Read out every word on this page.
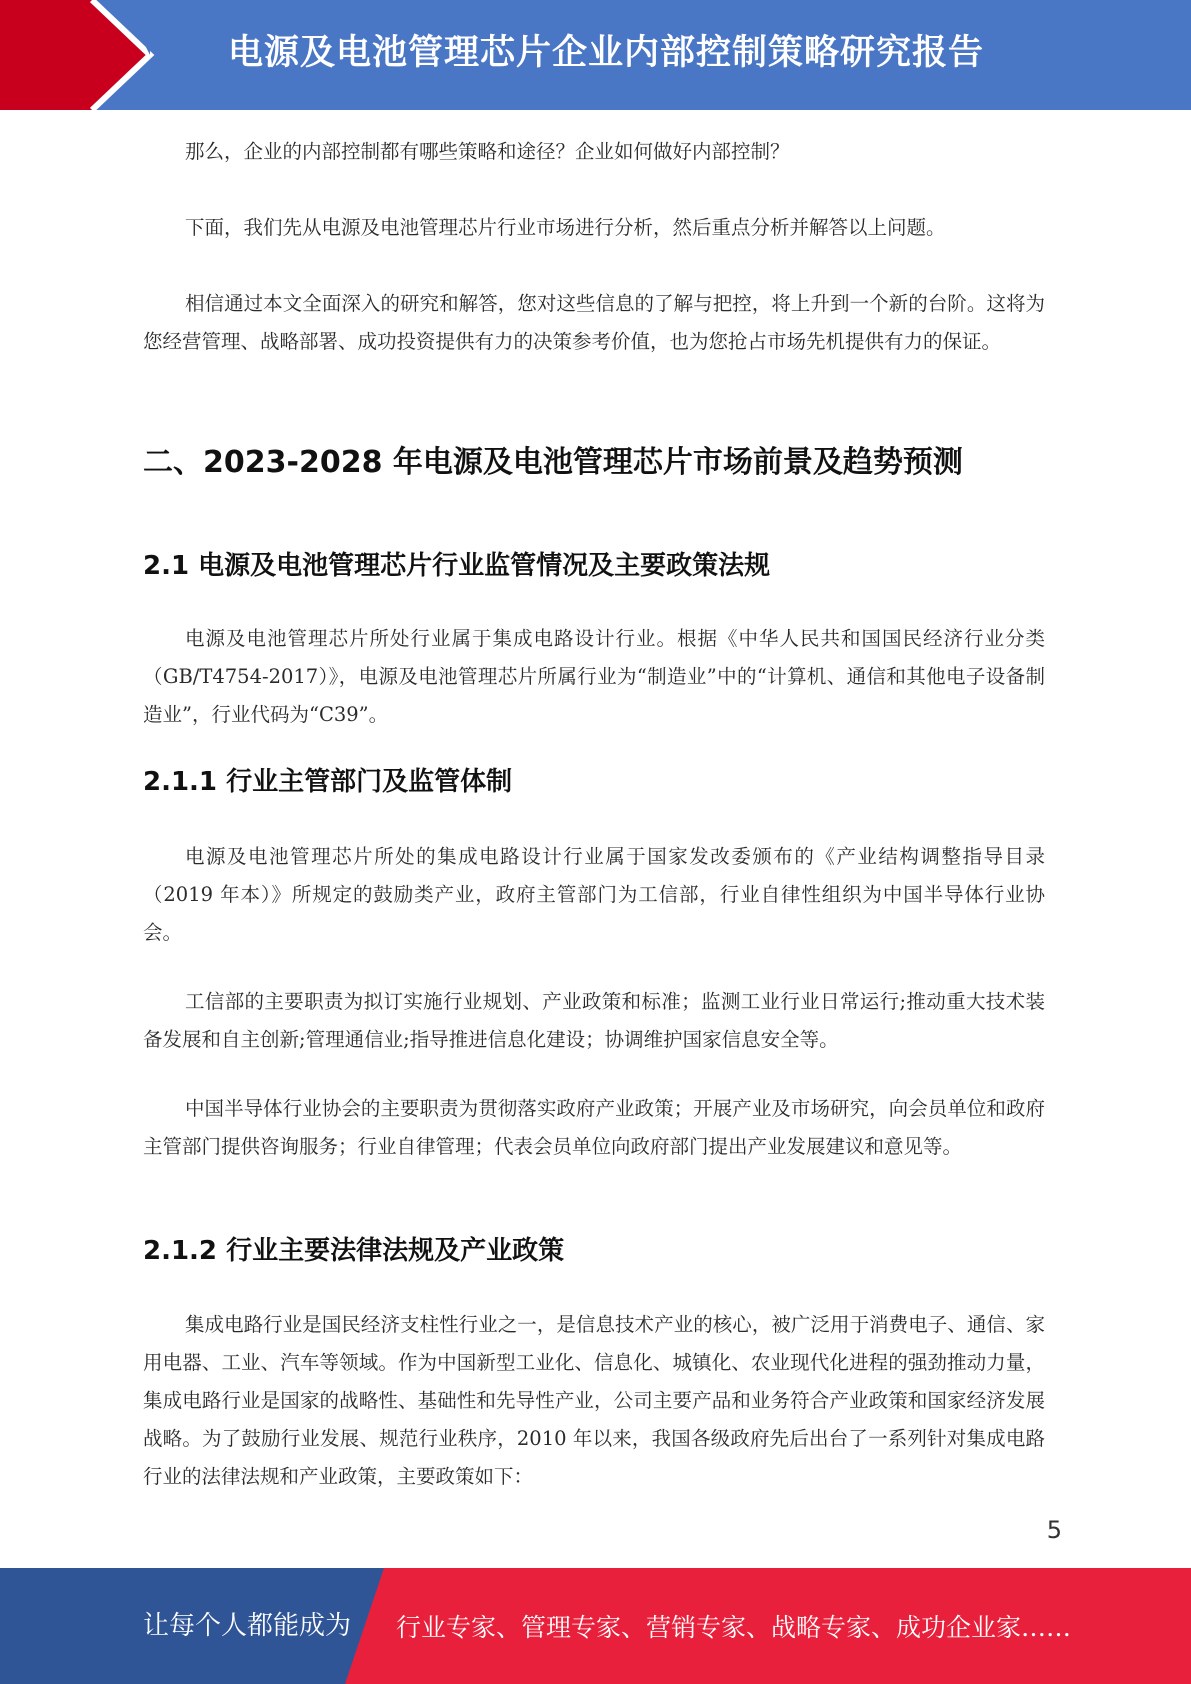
电源及电池管理芯片企业内部控制策略研究报告

那么，企业的内部控制都有哪些策略和途径？企业如何做好内部控制？

下面，我们先从电源及电池管理芯片行业市场进行分析，然后重点分析并解答以上问题。

相信通过本文全面深入的研究和解答，您对这些信息的了解与把控，将上升到一个新的台阶。这将为您经营管理、战略部署、成功投资提供有力的决策参考价值，也为您抢占市场先机提供有力的保证。

二、2023-2028 年电源及电池管理芯片市场前景及趋势预测
2.1 电源及电池管理芯片行业监管情况及主要政策法规

电源及电池管理芯片所处行业属于集成电路设计行业。根据《中华人民共和国国民经济行业分类（GB/T4754-2017）》，电源及电池管理芯片所属行业为“制造业”中的“计算机、通信和其他电子设备制造业”，行业代码为“C39”。

2.1.1 行业主管部门及监管体制

电源及电池管理芯片所处的集成电路设计行业属于国家发改委颁布的《产业结构调整指导目录（2019 年本）》所规定的鼓励类产业，政府主管部门为工信部，行业自律性组织为中国半导体行业协会。

工信部的主要职责为拟订实施行业规划、产业政策和标准；监测工业行业日常运行;推动重大技术装备发展和自主创新;管理通信业;指导推进信息化建设；协调维护国家信息安全等。

中国半导体行业协会的主要职责为贯彻落实政府产业政策；开展产业及市场研究，向会员单位和政府主管部门提供咨询服务；行业自律管理；代表会员单位向政府部门提出产业发展建议和意见等。

2.1.2 行业主要法律法规及产业政策

集成电路行业是国民经济支柱性行业之一，是信息技术产业的核心，被广泛用于消费电子、通信、家用电器、工业、汽车等领域。作为中国新型工业化、信息化、城镇化、农业现代化进程的强劲推动力量，集成电路行业是国家的战略性、基础性和先导性产业，公司主要产品和业务符合产业政策和国家经济发展战略。为了鼓励行业发展、规范行业秩序，2010 年以来，我国各级政府先后出台了一系列针对集成电路行业的法律法规和产业政策，主要政策如下：

5
让每个人都能成为 行业专家、管理专家、营销专家、战略专家、成功企业家……
